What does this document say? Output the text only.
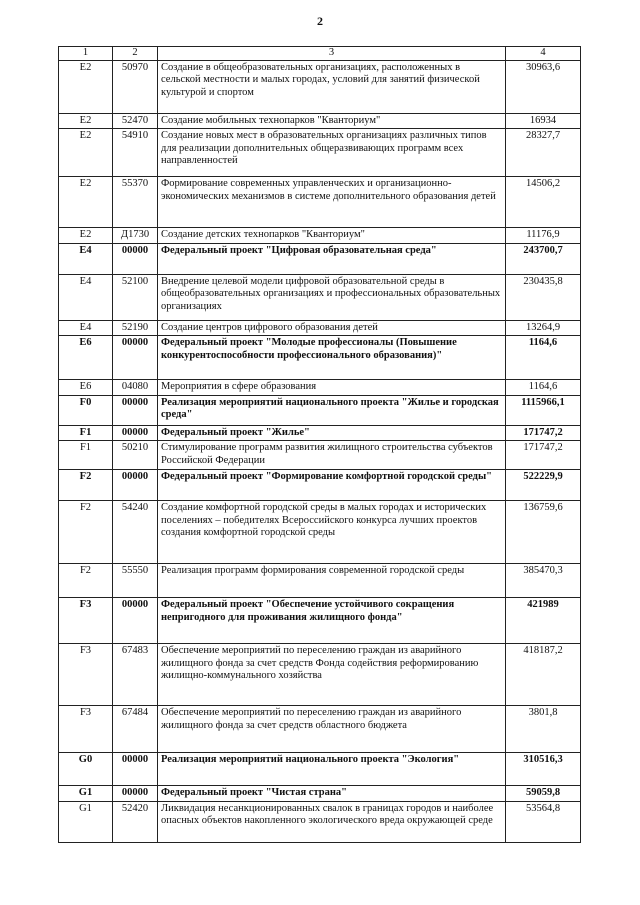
2
1	2	3	4
E2	50970	Создание в общеобразовательных организациях, расположенных в сельской местности и малых городах, условий для занятий физической культурой и спортом	30963,6
E2	52470	Создание мобильных технопарков "Кванториум"	16934
E2	54910	Создание новых мест в образовательных организациях различных типов для реализации дополнительных общеразвивающих программ всех направленностей	28327,7
E2	55370	Формирование современных управленческих и организационно-экономических механизмов в системе дополнительного образования детей	14506,2
E2	Д1730	Создание детских технопарков "Кванториум"	11176,9
E4	00000	Федеральный проект "Цифровая образовательная среда"	243700,7
E4	52100	Внедрение целевой модели цифровой образовательной среды в общеобразовательных организациях и профессиональных образовательных организациях	230435,8
E4	52190	Создание центров цифрового образования детей	13264,9
E6	00000	Федеральный проект "Молодые профессионалы (Повышение конкурентоспособности профессионального образования)"	1164,6
E6	04080	Мероприятия в сфере образования	1164,6
F0	00000	Реализация мероприятий национального проекта "Жилье и городская среда"	1115966,1
F1	00000	Федеральный проект "Жилье"	171747,2
F1	50210	Стимулирование программ развития жилищного строительства субъектов Российской Федерации	171747,2
F2	00000	Федеральный проект "Формирование комфортной городской среды"	522229,9
F2	54240	Создание комфортной городской среды в малых городах и исторических поселениях – победителях Всероссийского конкурса лучших проектов создания комфортной городской среды	136759,6
F2	55550	Реализация программ формирования современной городской среды	385470,3
F3	00000	Федеральный проект "Обеспечение устойчивого сокращения непригодного для проживания жилищного фонда"	421989
F3	67483	Обеспечение мероприятий по переселению граждан из аварийного жилищного фонда за счет средств Фонда содействия реформированию жилищно-коммунального хозяйства	418187,2
F3	67484	Обеспечение мероприятий по переселению граждан из аварийного жилищного фонда за счет средств областного бюджета	3801,8
G0	00000	Реализация мероприятий национального проекта "Экология"	310516,3
G1	00000	Федеральный проект "Чистая страна"	59059,8
G1	52420	Ликвидация несанкционированных свалок в границах городов и наиболее опасных объектов накопленного экологического вреда окружающей среде	53564,8
